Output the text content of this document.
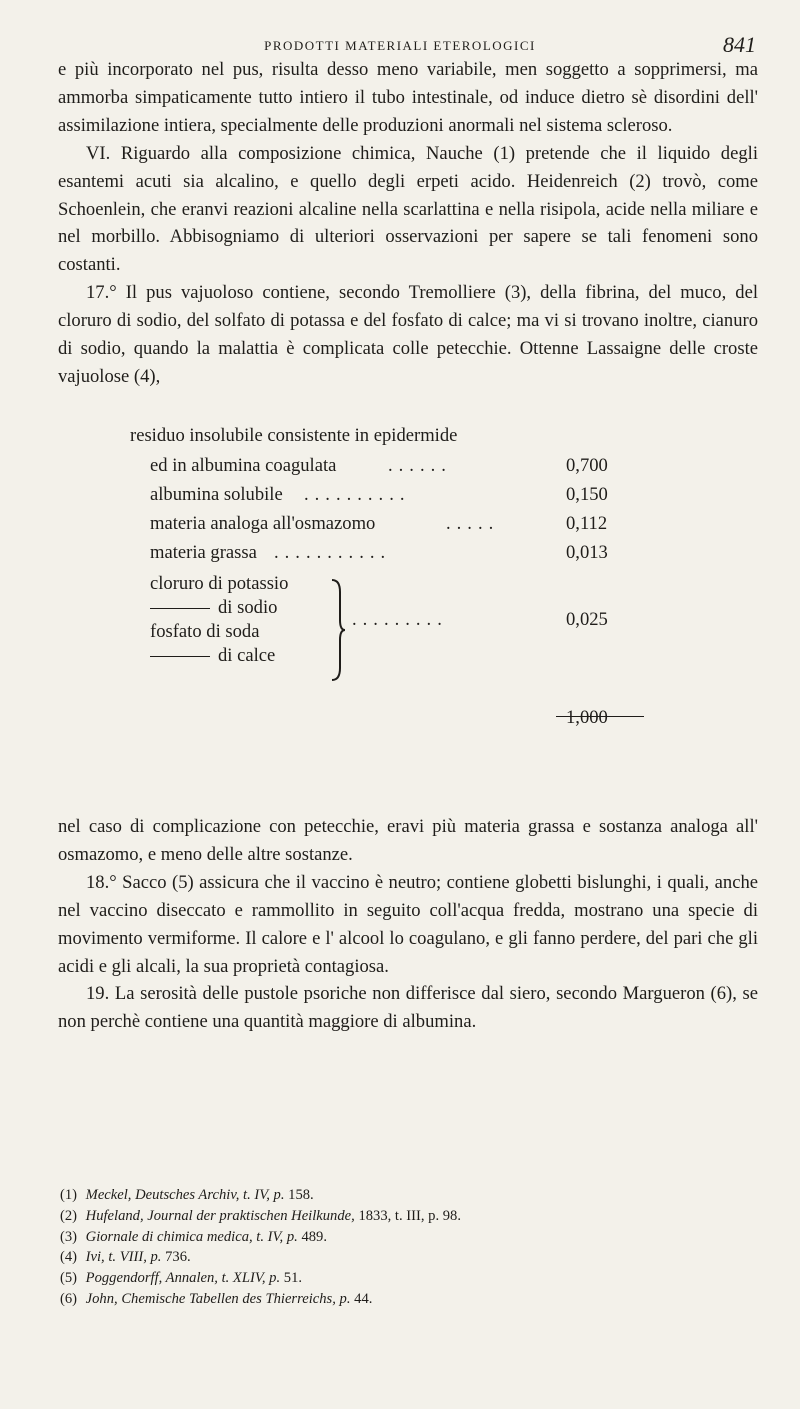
PRODOTTI MATERIALI ETEROLOGICI	841

e più incorporato nel pus, risulta desso meno variabile, men soggetto a sopprimersi, ma ammorba simpaticamente tutto intiero il tubo intestinale, od induce dietro sè disordini dell' assimilazione intiera, specialmente delle produzioni anormali nel sistema scleroso.

VI. Riguardo alla composizione chimica, Nauche (1) pretende che il liquido degli esantemi acuti sia alcalino, e quello degli erpeti acido. Heidenreich (2) trovò, come Schoenlein, che eranvi reazioni alcaline nella scarlattina e nella risipola, acide nella miliare e nel morbillo. Abbisogniamo di ulteriori osservazioni per sapere se tali fenomeni sono costanti.

17.° Il pus vajuoloso contiene, secondo Tremolliere (3), della fibrina, del muco, del cloruro di sodio, del solfato di potassa e del fosfato di calce; ma vi si trovano inoltre, cianuro di sodio, quando la malattia è complicata colle petecchie. Ottenne Lassaigne delle croste vajuolose (4),

residuo insolubile consistente in epidermide
ed in albumina coagulata	......	0,700
albumina solubile ..........	0,150
materia analoga all'osmazomo	.....	0,112
materia grassa ...........	0,013
cloruro di potassio
di sodio
fosfato di soda
di calce
.........	0,025
1,000

nel caso di complicazione con petecchie, eravi più materia grassa e sostanza analoga all' osmazomo, e meno delle altre sostanze.

18.° Sacco (5) assicura che il vaccino è neutro; contiene globetti bislunghi, i quali, anche nel vaccino diseccato e rammollito in seguito coll'acqua fredda, mostrano una specie di movimento vermiforme. Il calore e l' alcool lo coagulano, e gli fanno perdere, del pari che gli acidi e gli alcali, la sua proprietà contagiosa.

19. La serosità delle pustole psoriche non differisce dal siero, secondo Margueron (6), se non perchè contiene una quantità maggiore di albumina.

(1) Meckel, Deutsches Archiv, t. IV, p. 158.
(2) Hufeland, Journal der praktischen Heilkunde, 1833, t. III, p. 98.
(3) Giornale di chimica medica, t. IV, p. 489.
(4) Ivi, t. VIII, p. 736.
(5) Poggendorff, Annalen, t. XLIV, p. 51.
(6) John, Chemische Tabellen des Thierreichs, p. 44.
